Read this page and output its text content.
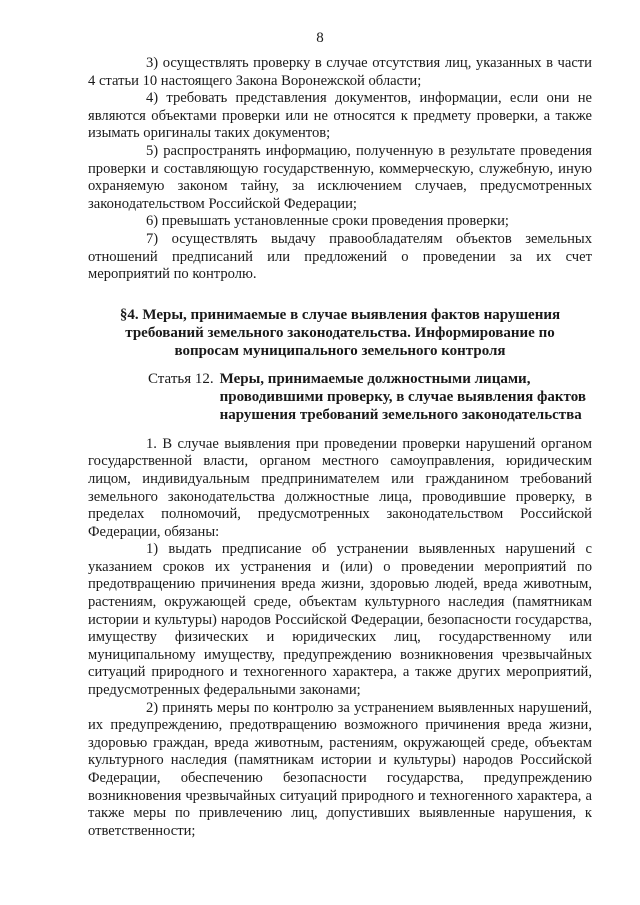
8

3) осуществлять проверку в случае отсутствия лиц, указанных в части 4 статьи 10 настоящего Закона Воронежской области;

4) требовать представления документов, информации, если они не являются объектами проверки или не относятся к предмету проверки, а также изымать оригиналы таких документов;

5) распространять информацию, полученную в результате проведения проверки и составляющую государственную, коммерческую, служебную, иную охраняемую законом тайну, за исключением случаев, предусмотренных законодательством Российской Федерации;

6) превышать установленные сроки проведения проверки;

7) осуществлять выдачу правообладателям объектов земельных отношений предписаний или предложений о проведении за их счет мероприятий по контролю.

§4. Меры, принимаемые в случае выявления фактов нарушения требований земельного законодательства. Информирование по вопросам муниципального земельного контроля
Статья 12. Меры, принимаемые должностными лицами, проводившими проверку, в случае выявления фактов нарушения требований земельного законодательства

1. В случае выявления при проведении проверки нарушений органом государственной власти, органом местного самоуправления, юридическим лицом, индивидуальным предпринимателем или гражданином требований земельного законодательства должностные лица, проводившие проверку, в пределах полномочий, предусмотренных законодательством Российской Федерации, обязаны:

1) выдать предписание об устранении выявленных нарушений с указанием сроков их устранения и (или) о проведении мероприятий по предотвращению причинения вреда жизни, здоровью людей, вреда животным, растениям, окружающей среде, объектам культурного наследия (памятникам истории и культуры) народов Российской Федерации, безопасности государства, имуществу физических и юридических лиц, государственному или муниципальному имуществу, предупреждению возникновения чрезвычайных ситуаций природного и техногенного характера, а также других мероприятий, предусмотренных федеральными законами;

2) принять меры по контролю за устранением выявленных нарушений, их предупреждению, предотвращению возможного причинения вреда жизни, здоровью граждан, вреда животным, растениям, окружающей среде, объектам культурного наследия (памятникам истории и культуры) народов Российской Федерации, обеспечению безопасности государства, предупреждению возникновения чрезвычайных ситуаций природного и техногенного характера, а также меры по привлечению лиц, допустивших выявленные нарушения, к ответственности;
